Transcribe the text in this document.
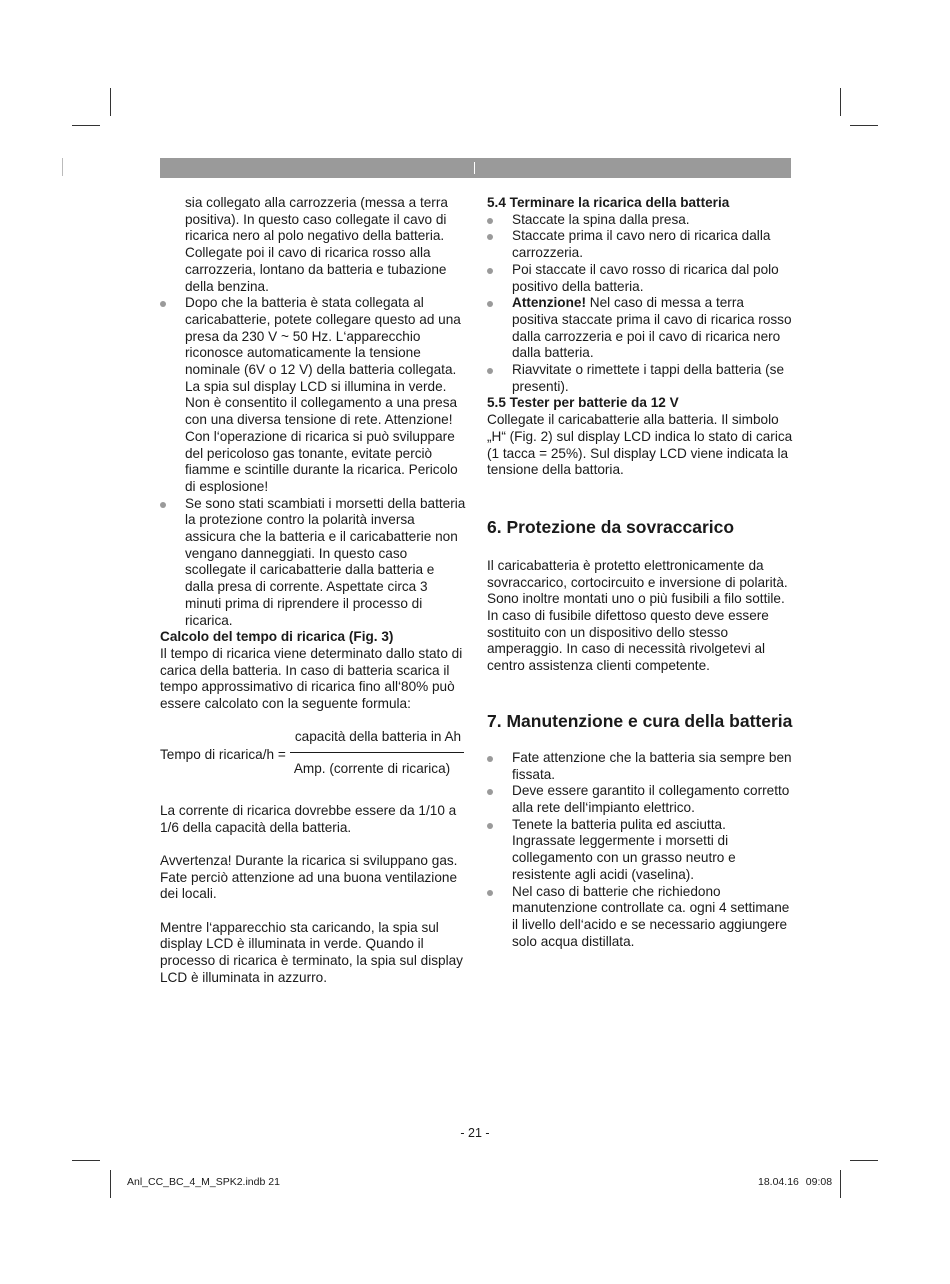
sia collegato alla carrozzeria (messa a terra positiva). In questo caso collegate il cavo di ricarica nero al polo negativo della batteria. Collegate poi il cavo di ricarica rosso alla carrozzeria, lontano da batteria e tubazione della benzina.

Dopo che la batteria è stata collegata al caricabatterie, potete collegare questo ad una presa da 230 V ~ 50 Hz. L‘apparecchio riconosce automaticamente la tensione nominale (6V o 12 V) della batteria collegata. La spia sul display LCD si illumina in verde. Non è consentito il collegamento a una presa con una diversa tensione di rete. Attenzione! Con l‘operazione di ricarica si può sviluppare del pericoloso gas tonante, evitate perciò fiamme e scintille durante la ricarica. Pericolo di esplosione!
Se sono stati scambiati i morsetti della batteria la protezione contro la polarità inversa assicura che la batteria e il caricabatterie non vengano danneggiati. In questo caso scollegate il caricabatterie dalla batteria e dalla presa di corrente. Aspettate circa 3 minuti prima di riprendere il processo di ricarica.

Calcolo del tempo di ricarica (Fig. 3)

Il tempo di ricarica viene determinato dallo stato di carica della batteria. In caso di batteria scarica il tempo approssimativo di ricarica fino all‘80% può essere calcolato con la seguente formula:

Tempo di ricarica/h =
capacità della batteria in Ah
Amp. (corrente di ricarica)

La corrente di ricarica dovrebbe essere da 1/10 a 1/6 della capacità della batteria.

Avvertenza! Durante la ricarica si sviluppano gas. Fate perciò attenzione ad una buona ventilazione dei locali.

Mentre l‘apparecchio sta caricando, la spia sul display LCD è illuminata in verde. Quando il processo di ricarica è terminato, la spia sul display LCD è illuminata in azzurro.

5.4 Terminare la ricarica della batteria

Staccate la spina dalla presa.
Staccate prima il cavo nero di ricarica dalla carrozzeria.
Poi staccate il cavo rosso di ricarica dal polo positivo della batteria.
Attenzione! Nel caso di messa a terra positiva staccate prima il cavo di ricarica rosso dalla carrozzeria e poi il cavo di ricarica nero dalla batteria.
Riavvitate o rimettete i tappi della batteria (se presenti).

5.5 Tester per batterie da 12 V

Collegate il caricabatterie alla batteria. Il simbolo „H“ (Fig. 2) sul display LCD indica lo stato di carica (1 tacca = 25%). Sul display LCD viene indicata la tensione della battoria.

6. Protezione da sovraccarico

Il caricabatteria è protetto elettronicamente da sovraccarico, cortocircuito e inversione di polarità. Sono inoltre montati uno o più fusibili a filo sottile. In caso di fusibile difettoso questo deve essere sostituito con un dispositivo dello stesso amperaggio. In caso di necessità rivolgetevi al centro assistenza clienti competente.

7. Manutenzione e cura della batteria
Fate attenzione che la batteria sia sempre ben fissata.
Deve essere garantito il collegamento corretto alla rete dell‘impianto elettrico.
Tenete la batteria pulita ed asciutta. Ingrassate leggermente i morsetti di collegamento con un grasso neutro e resistente agli acidi (vaselina).
Nel caso di batterie che richiedono manutenzione controllate ca. ogni 4 settimane il livello dell‘acido e se necessario aggiungere solo acqua distillata.
- 21 -
Anl_CC_BC_4_M_SPK2.indb 21	18.04.16 09:08
